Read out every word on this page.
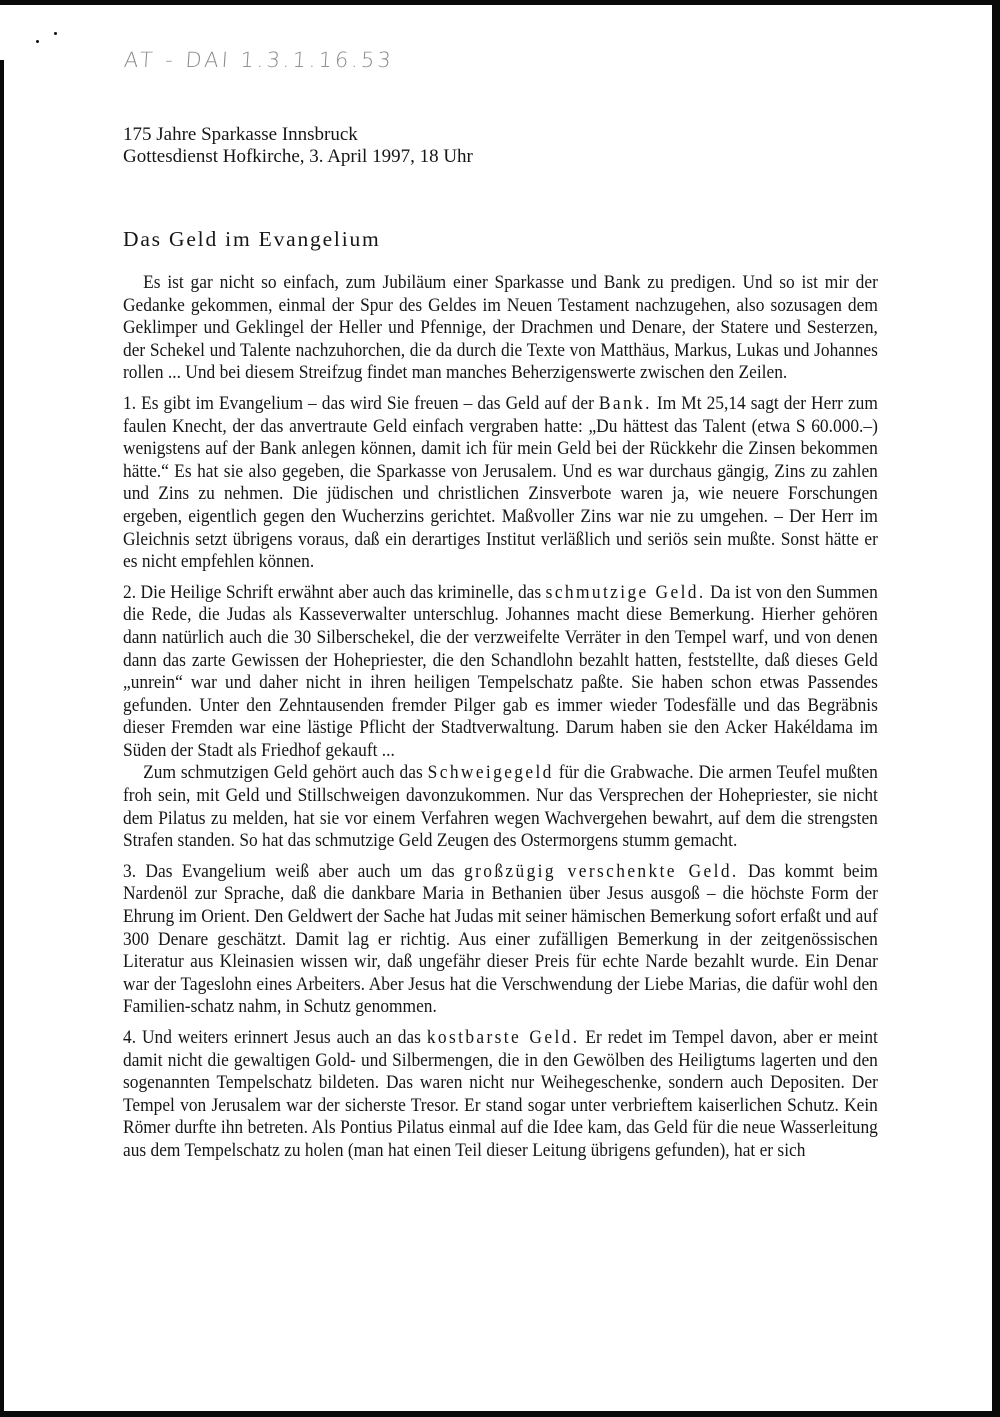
AT - DAI 1.3.1.16.53

175 Jahre Sparkasse Innsbruck

Gottesdienst Hofkirche, 3. April 1997, 18 Uhr

Das Geld im Evangelium

Es ist gar nicht so einfach, zum Jubiläum einer Sparkasse und Bank zu predigen. Und so ist mir der Gedanke gekommen, einmal der Spur des Geldes im Neuen Testament nachzugehen, also sozusagen dem Geklimper und Geklingel der Heller und Pfennige, der Drachmen und Denare, der Statere und Sesterzen, der Schekel und Talente nachzuhorchen, die da durch die Texte von Matthäus, Markus, Lukas und Johannes rollen ... Und bei diesem Streifzug findet man manches Beherzigenswerte zwischen den Zeilen.

1. Es gibt im Evangelium – das wird Sie freuen – das Geld auf der Bank. Im Mt 25,14 sagt der Herr zum faulen Knecht, der das anvertraute Geld einfach vergraben hatte: „Du hättest das Talent (etwa S 60.000.–) wenigstens auf der Bank anlegen können, damit ich für mein Geld bei der Rückkehr die Zinsen bekommen hätte.“ Es hat sie also gegeben, die Sparkasse von Jerusalem. Und es war durchaus gängig, Zins zu zahlen und Zins zu nehmen. Die jüdischen und christlichen Zinsverbote waren ja, wie neuere Forschungen ergeben, eigentlich gegen den Wucherzins gerichtet. Maßvoller Zins war nie zu umgehen. – Der Herr im Gleichnis setzt übrigens voraus, daß ein derartiges Institut verläßlich und seriös sein mußte. Sonst hätte er es nicht empfehlen können.

2. Die Heilige Schrift erwähnt aber auch das kriminelle, das schmutzige Geld. Da ist von den Summen die Rede, die Judas als Kasseverwalter unterschlug. Johannes macht diese Bemerkung. Hierher gehören dann natürlich auch die 30 Silberschekel, die der verzweifelte Verräter in den Tempel warf, und von denen dann das zarte Gewissen der Hohepriester, die den Schandlohn bezahlt hatten, feststellte, daß dieses Geld „unrein“ war und daher nicht in ihren heiligen Tempelschatz paßte. Sie haben schon etwas Passendes gefunden. Unter den Zehntausenden fremder Pilger gab es immer wieder Todesfälle und das Begräbnis dieser Fremden war eine lästige Pflicht der Stadtverwaltung. Darum haben sie den Acker Hakéldama im Süden der Stadt als Friedhof gekauft ...

Zum schmutzigen Geld gehört auch das Schweigegeld für die Grabwache. Die armen Teufel mußten froh sein, mit Geld und Stillschweigen davonzukommen. Nur das Versprechen der Hohepriester, sie nicht dem Pilatus zu melden, hat sie vor einem Verfahren wegen Wachvergehen bewahrt, auf dem die strengsten Strafen standen. So hat das schmutzige Geld Zeugen des Ostermorgens stumm gemacht.

3. Das Evangelium weiß aber auch um das großzügig verschenkte Geld. Das kommt beim Nardenöl zur Sprache, daß die dankbare Maria in Bethanien über Jesus ausgoß – die höchste Form der Ehrung im Orient. Den Geldwert der Sache hat Judas mit seiner hämischen Bemerkung sofort erfaßt und auf 300 Denare geschätzt. Damit lag er richtig. Aus einer zufälligen Bemerkung in der zeitgenössischen Literatur aus Kleinasien wissen wir, daß ungefähr dieser Preis für echte Narde bezahlt wurde. Ein Denar war der Tageslohn eines Arbeiters. Aber Jesus hat die Verschwendung der Liebe Marias, die dafür wohl den Familien-schatz nahm, in Schutz genommen.

4. Und weiters erinnert Jesus auch an das kostbarste Geld. Er redet im Tempel davon, aber er meint damit nicht die gewaltigen Gold- und Silbermengen, die in den Gewölben des Heiligtums lagerten und den sogenannten Tempelschatz bildeten. Das waren nicht nur Weihegeschenke, sondern auch Depositen. Der Tempel von Jerusalem war der sicherste Tresor. Er stand sogar unter verbrieftem kaiserlichen Schutz. Kein Römer durfte ihn betreten. Als Pontius Pilatus einmal auf die Idee kam, das Geld für die neue Wasserleitung aus dem Tempelschatz zu holen (man hat einen Teil dieser Leitung übrigens gefunden), hat er sich
